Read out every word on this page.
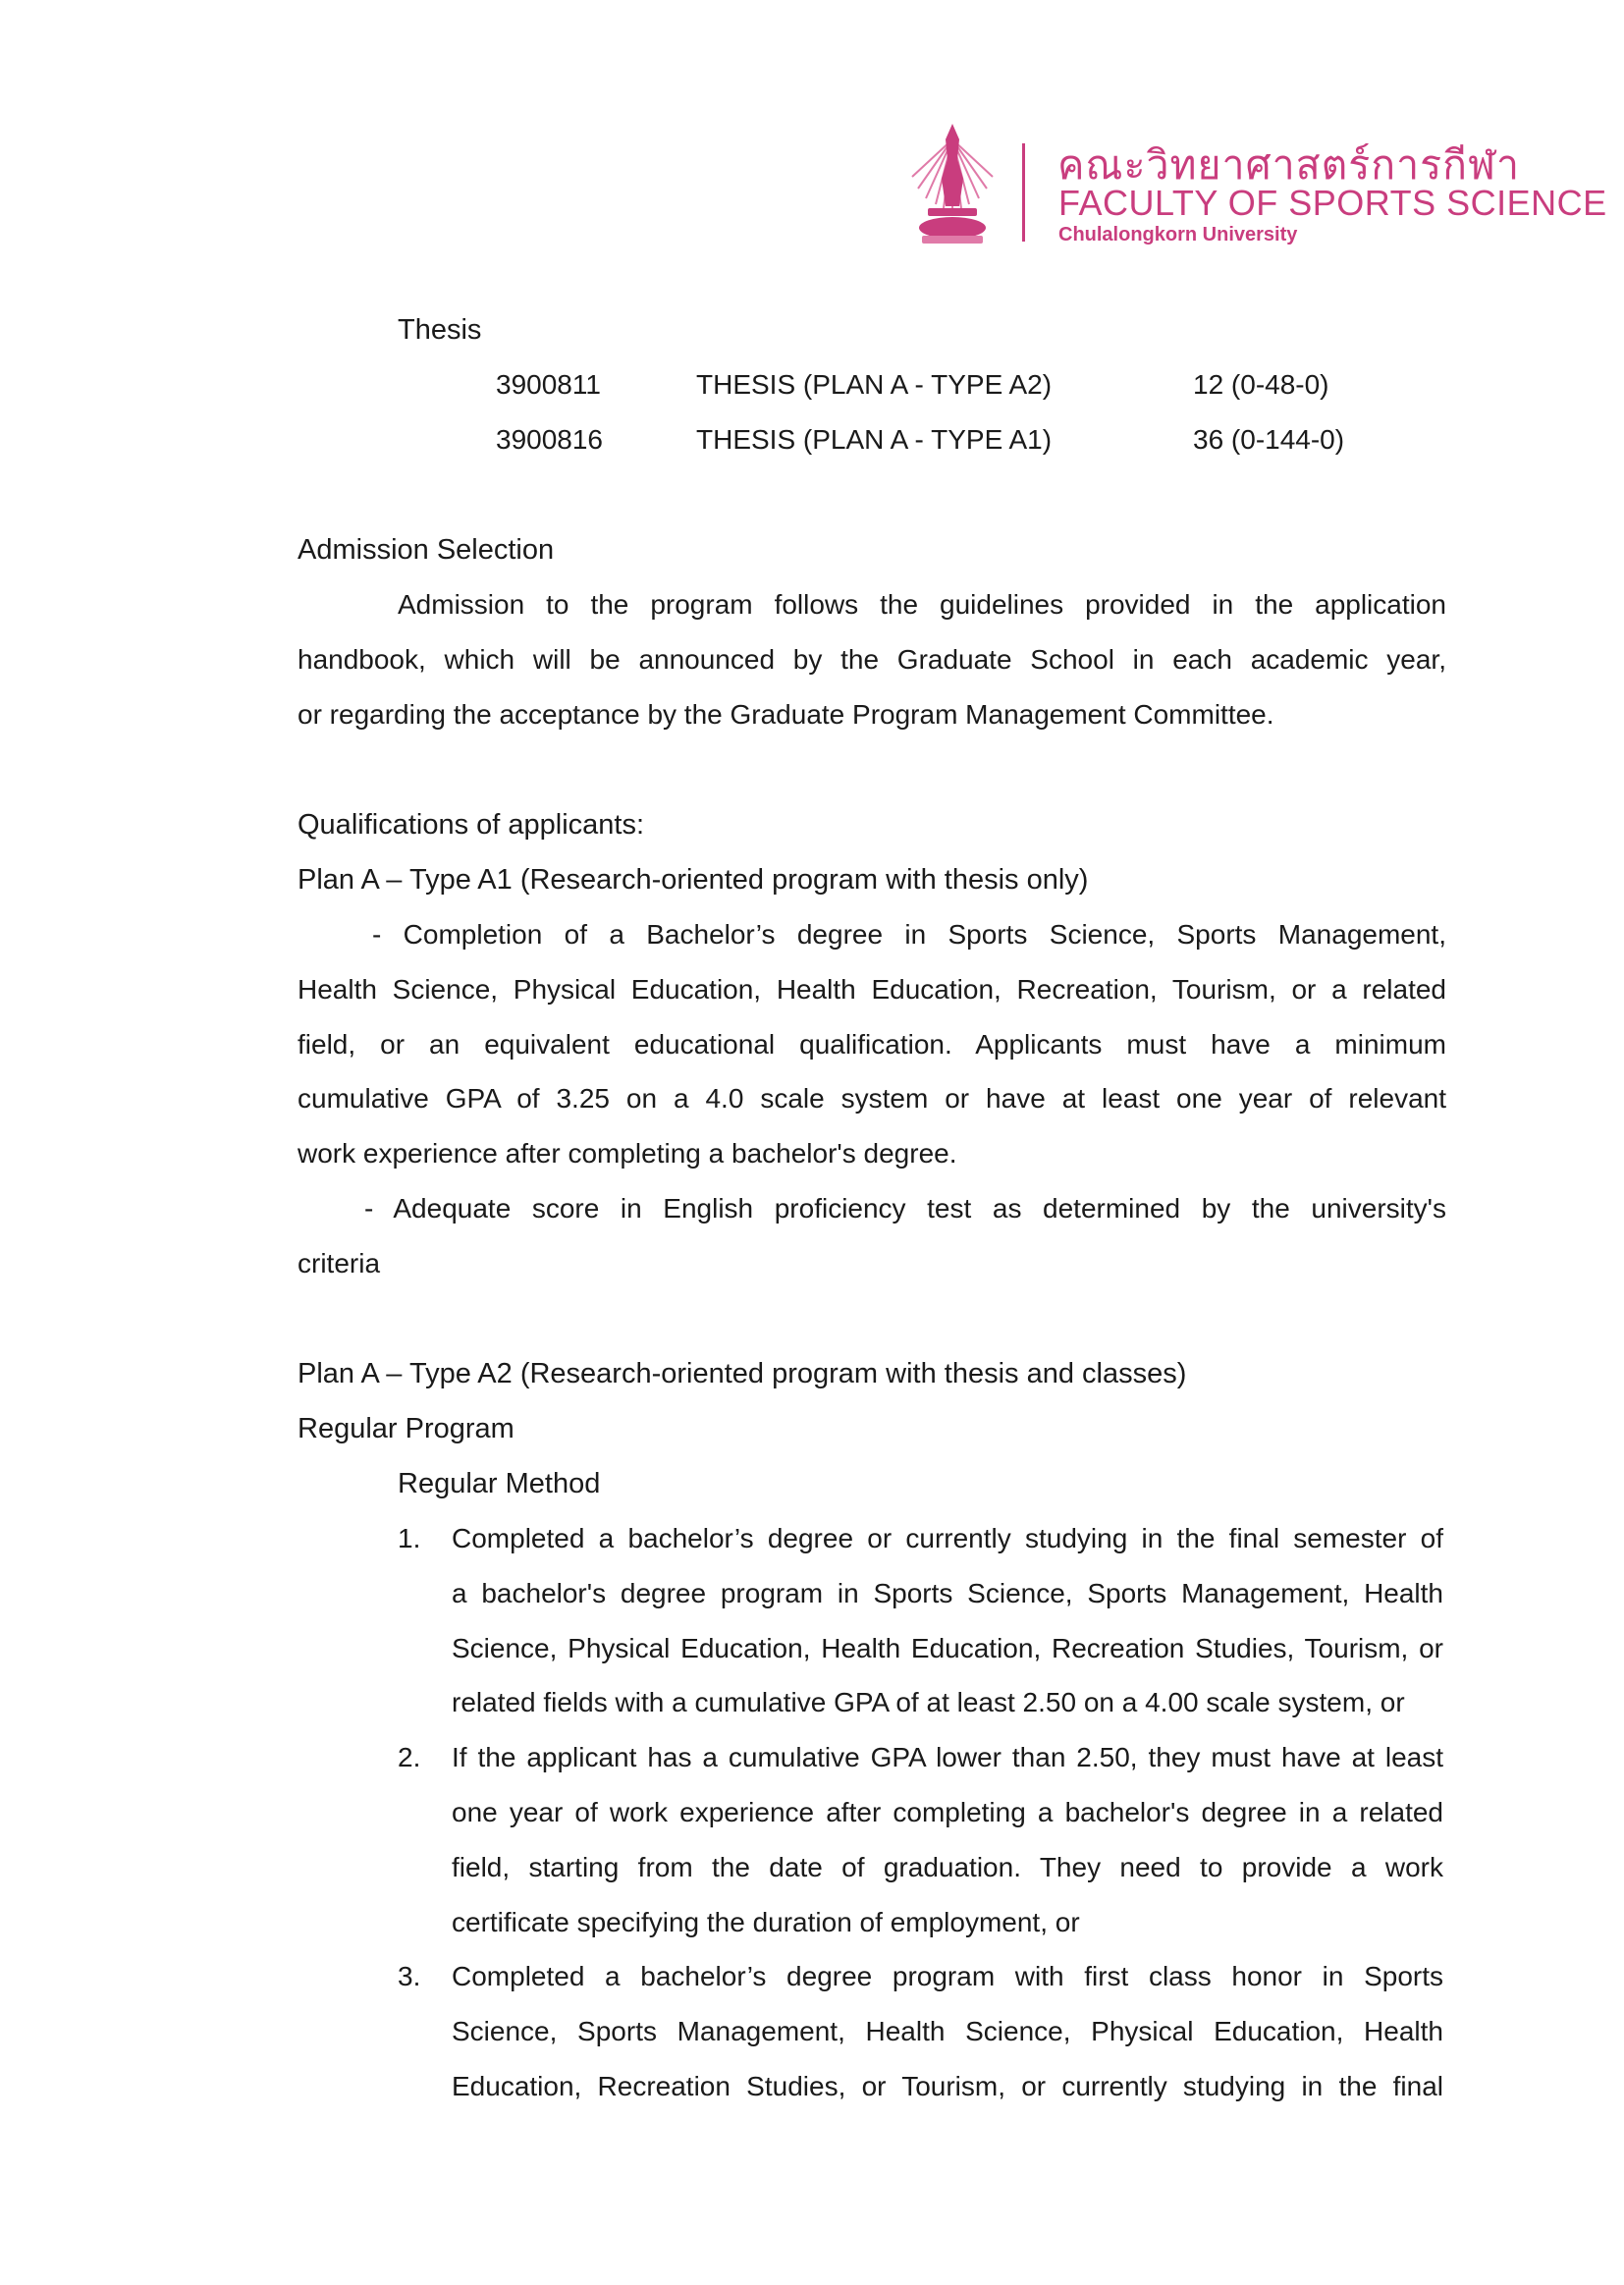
คณะวิทยาศาสตร์การกีฬา
FACULTY OF SPORTS SCIENCE
Chulalongkorn University
Thesis
3900811	THESIS (PLAN A - TYPE A2)	12 (0-48-0)
3900816	THESIS (PLAN A - TYPE A1)	36 (0-144-0)
Admission Selection
Admission to the program follows the guidelines provided in the application
handbook, which will be announced by the Graduate School in each academic year,
or regarding the acceptance by the Graduate Program Management Committee.
Qualifications of applicants:
Plan A – Type A1 (Research-oriented program with thesis only)
- Completion of a Bachelor’s degree in Sports Science, Sports Management,
Health Science, Physical Education, Health Education, Recreation, Tourism, or a related
field, or an equivalent educational qualification. Applicants must have a minimum
cumulative GPA of 3.25 on a 4.0 scale system or have at least one year of relevant
work experience after completing a bachelor's degree.
- Adequate score in English proficiency test as determined by the university's
criteria
Plan A – Type A2 (Research-oriented program with thesis and classes)
Regular Program
Regular Method
1.	Completed a bachelor’s degree or currently studying in the final semester of
a bachelor's degree program in Sports Science, Sports Management, Health
Science, Physical Education, Health Education, Recreation Studies, Tourism, or
related fields with a cumulative GPA of at least 2.50 on a 4.00 scale system, or
2.	If the applicant has a cumulative GPA lower than 2.50, they must have at least
one year of work experience after completing a bachelor's degree in a related
field, starting from the date of graduation. They need to provide a work
certificate specifying the duration of employment, or
3.	Completed a bachelor’s degree program with first class honor in Sports
Science, Sports Management, Health Science, Physical Education, Health
Education, Recreation Studies, or Tourism, or currently studying in the final
